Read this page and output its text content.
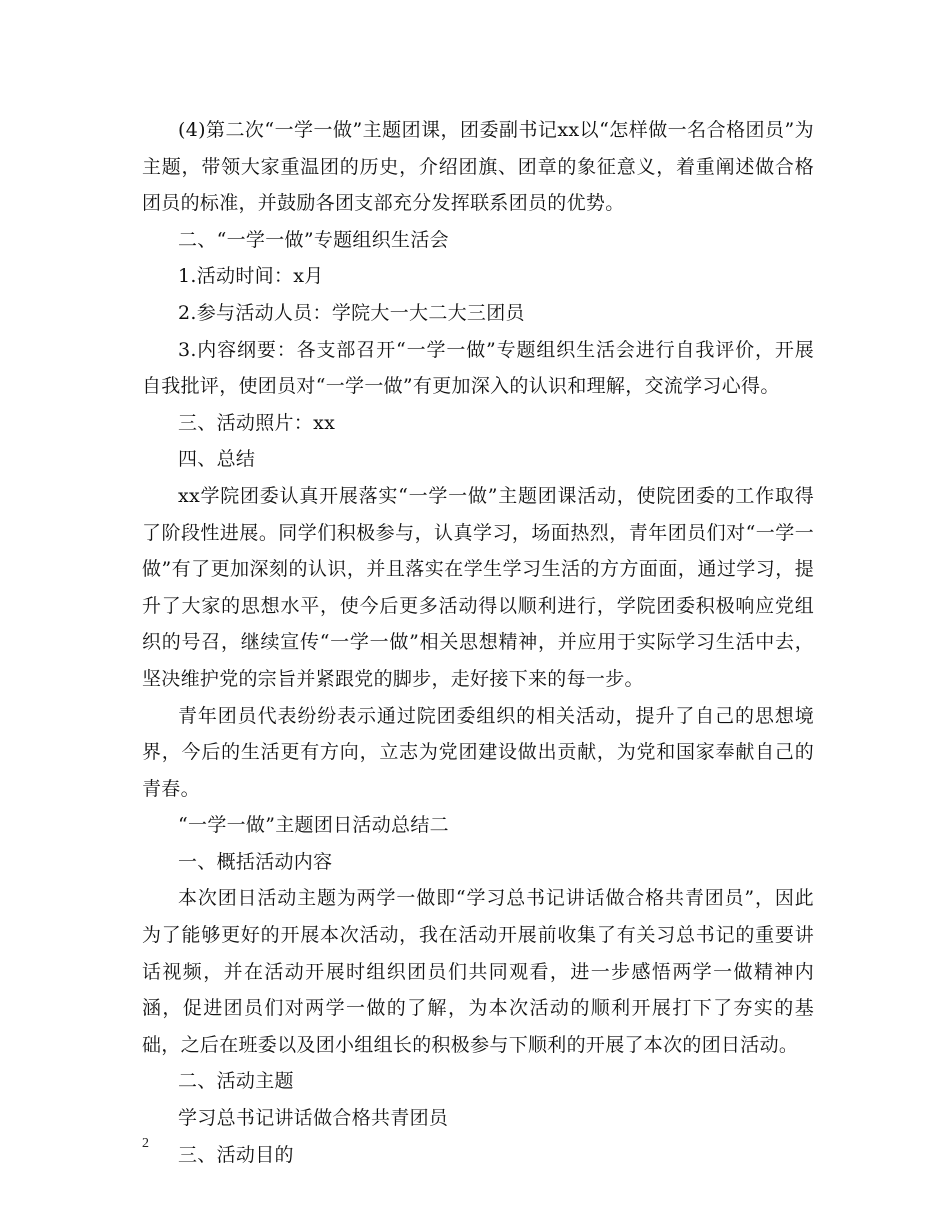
(4)第二次“一学一做”主题团课，团委副书记xx以“怎样做一名合格团员”为主题，带领大家重温团的历史，介绍团旗、团章的象征意义，着重阐述做合格团员的标准，并鼓励各团支部充分发挥联系团员的优势。

二、“一学一做”专题组织生活会

1.活动时间：x月

2.参与活动人员：学院大一大二大三团员

3.内容纲要：各支部召开“一学一做”专题组织生活会进行自我评价，开展自我批评，使团员对“一学一做”有更加深入的认识和理解，交流学习心得。

三、活动照片：xx

四、总结

xx学院团委认真开展落实“一学一做”主题团课活动，使院团委的工作取得了阶段性进展。同学们积极参与，认真学习，场面热烈，青年团员们对“一学一做”有了更加深刻的认识，并且落实在学生学习生活的方方面面，通过学习，提升了大家的思想水平，使今后更多活动得以顺利进行，学院团委积极响应党组织的号召，继续宣传“一学一做”相关思想精神，并应用于实际学习生活中去，坚决维护党的宗旨并紧跟党的脚步，走好接下来的每一步。

青年团员代表纷纷表示通过院团委组织的相关活动，提升了自己的思想境界，今后的生活更有方向，立志为党团建设做出贡献，为党和国家奉献自己的青春。

“一学一做”主题团日活动总结二

一、概括活动内容

本次团日活动主题为两学一做即“学习总书记讲话做合格共青团员”，因此为了能够更好的开展本次活动，我在活动开展前收集了有关习总书记的重要讲话视频，并在活动开展时组织团员们共同观看，进一步感悟两学一做精神内涵，促进团员们对两学一做的了解，为本次活动的顺利开展打下了夯实的基础，之后在班委以及团小组组长的积极参与下顺利的开展了本次的团日活动。

二、活动主题

学习总书记讲话做合格共青团员

三、活动目的

2
